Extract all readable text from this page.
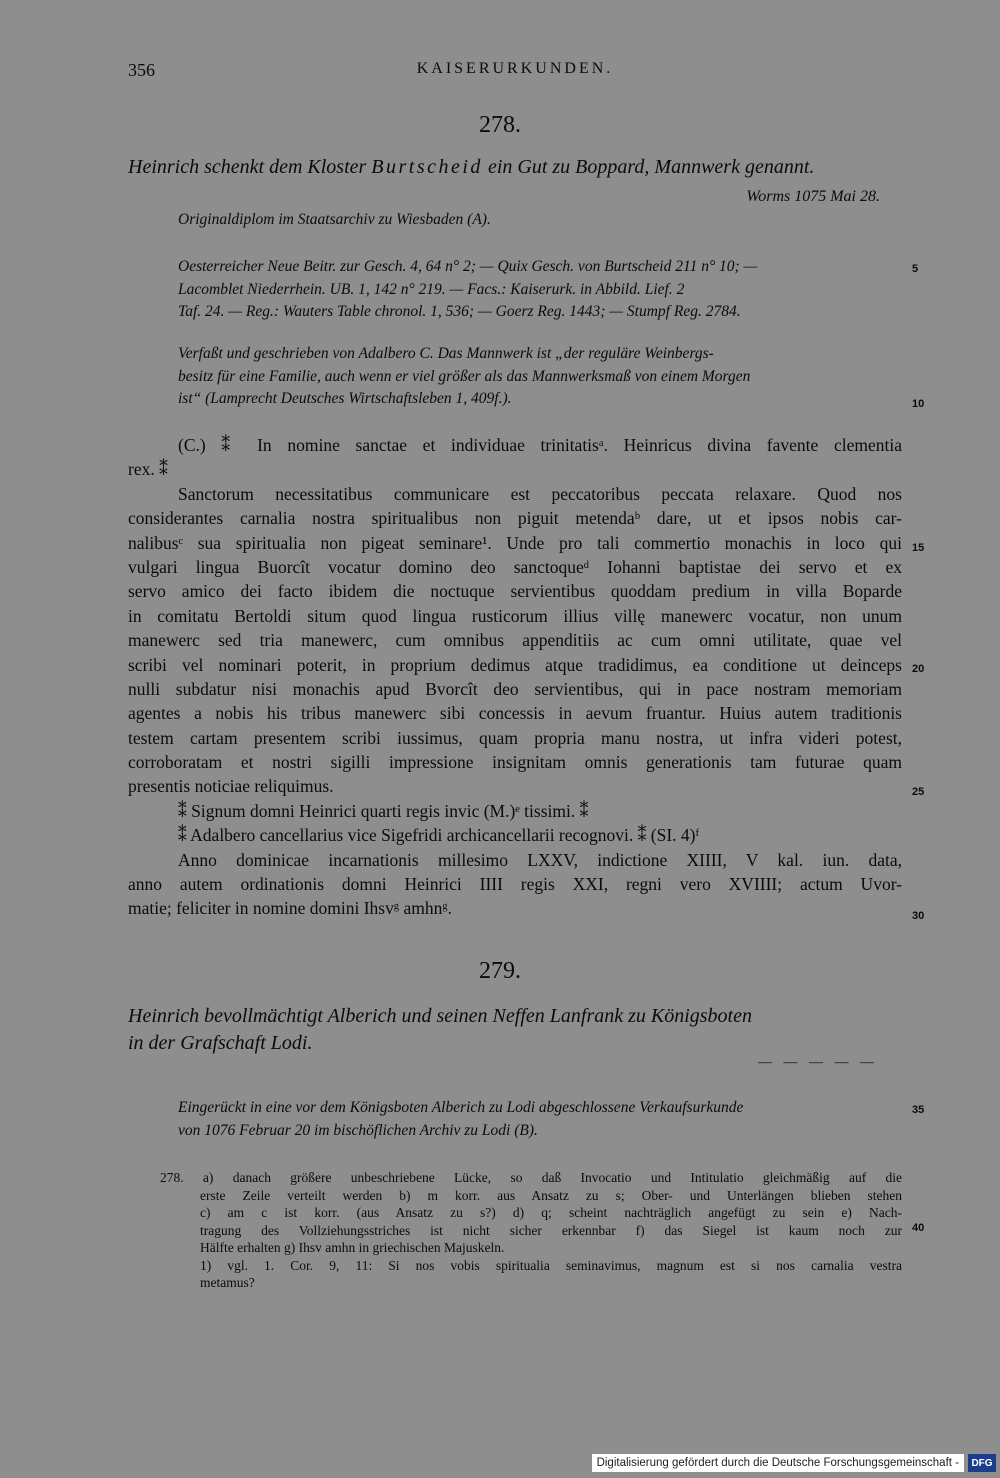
356	KAISERURKUNDEN.
278.
Heinrich schenkt dem Kloster Burtscheid ein Gut zu Boppard, Mannwerk genannt.
Worms 1075 Mai 28.
Originaldiplom im Staatsarchiv zu Wiesbaden (A).
Oesterreicher Neue Beitr. zur Gesch. 4, 64 n° 2; — Quix Gesch. von Burtscheid 211 n° 10; —
Lacomblet Niederrhein. UB. 1, 142 n° 219. — Facs.: Kaiserurk. in Abbild. Lief. 2
Taf. 24. — Reg.: Wauters Table chronol. 1, 536; — Goerz Reg. 1443; — Stumpf Reg. 2784.
Verfaßt und geschrieben von Adalbero C. Das Mannwerk ist „der reguläre Weinbergs-
besitz für eine Familie, auch wenn er viel größer als das Mannwerksmaß von einem Morgen
ist“ (Lamprecht Deutsches Wirtschaftsleben 1, 409f.).
(C.) ⁑ In nomine sanctae et individuae trinitatisᵃ. Heinricus divina favente clementia
rex. ⁑
Sanctorum necessitatibus communicare est peccatoribus peccata relaxare. Quod nos
considerantes carnalia nostra spiritualibus non piguit metendaᵇ dare, ut et ipsos nobis car-
nalibusᶜ sua spiritualia non pigeat seminare¹. Unde pro tali commertio monachis in loco qui
vulgari lingua Buorcît vocatur domino deo sanctoqueᵈ Iohanni baptistae dei servo et ex
servo amico dei facto ibidem die noctuque servientibus quoddam predium in villa Boparde
in comitatu Bertoldi situm quod lingua rusticorum illius villę manewerc vocatur, non unum
manewerc sed tria manewerc, cum omnibus appenditiis ac cum omni utilitate, quae vel
scribi vel nominari poterit, in proprium dedimus atque tradidimus, ea conditione ut deinceps
nulli subdatur nisi monachis apud Bvorcît deo servientibus, qui in pace nostram memoriam
agentes a nobis his tribus manewerc sibi concessis in aevum fruantur. Huius autem traditionis
testem cartam presentem scribi iussimus, quam propria manu nostra, ut infra videri potest,
corroboratam et nostri sigilli impressione insignitam omnis generationis tam futurae quam
presentis noticiae reliquimus.
⁑ Signum domni Heinrici quarti regis invic (M.)ᵉ tissimi. ⁑
⁑ Adalbero cancellarius vice Sigefridi archicancellarii recognovi. ⁑ (SI. 4)ᶠ
Anno dominicae incarnationis millesimo LXXV, indictione XIIII, V kal. iun. data,
anno autem ordinationis domni Heinrici IIII regis XXI, regni vero XVIIII; actum Uvor-
matie; feliciter in nomine domini Ihsvᵍ amhnᵍ.
279.
Heinrich bevollmächtigt Alberich und seinen Neffen Lanfrank zu Königsboten
in der Grafschaft Lodi.
— — — — —
Eingerückt in eine vor dem Königsboten Alberich zu Lodi abgeschlossene Verkaufsurkunde
von 1076 Februar 20 im bischöflichen Archiv zu Lodi (B).
278. a) danach größere unbeschriebene Lücke, so daß Invocatio und Intitulatio gleichmäßig auf die
erste Zeile verteilt werden b) m korr. aus Ansatz zu s; Ober- und Unterlängen blieben stehen
c) am c ist korr. (aus Ansatz zu s?) d) q; scheint nachträglich angefügt zu sein e) Nach-
tragung des Vollziehungsstriches ist nicht sicher erkennbar f) das Siegel ist kaum noch zur
Hälfte erhalten g) Ihsv amhn in griechischen Majuskeln.
1) vgl. 1. Cor. 9, 11: Si nos vobis spiritualia seminavimus, magnum est si nos carnalia vestra
metamus?
5
10
15
20
25
30
35
40
Digitalisierung gefördert durch die Deutsche Forschungsgemeinschaft -	DFG
